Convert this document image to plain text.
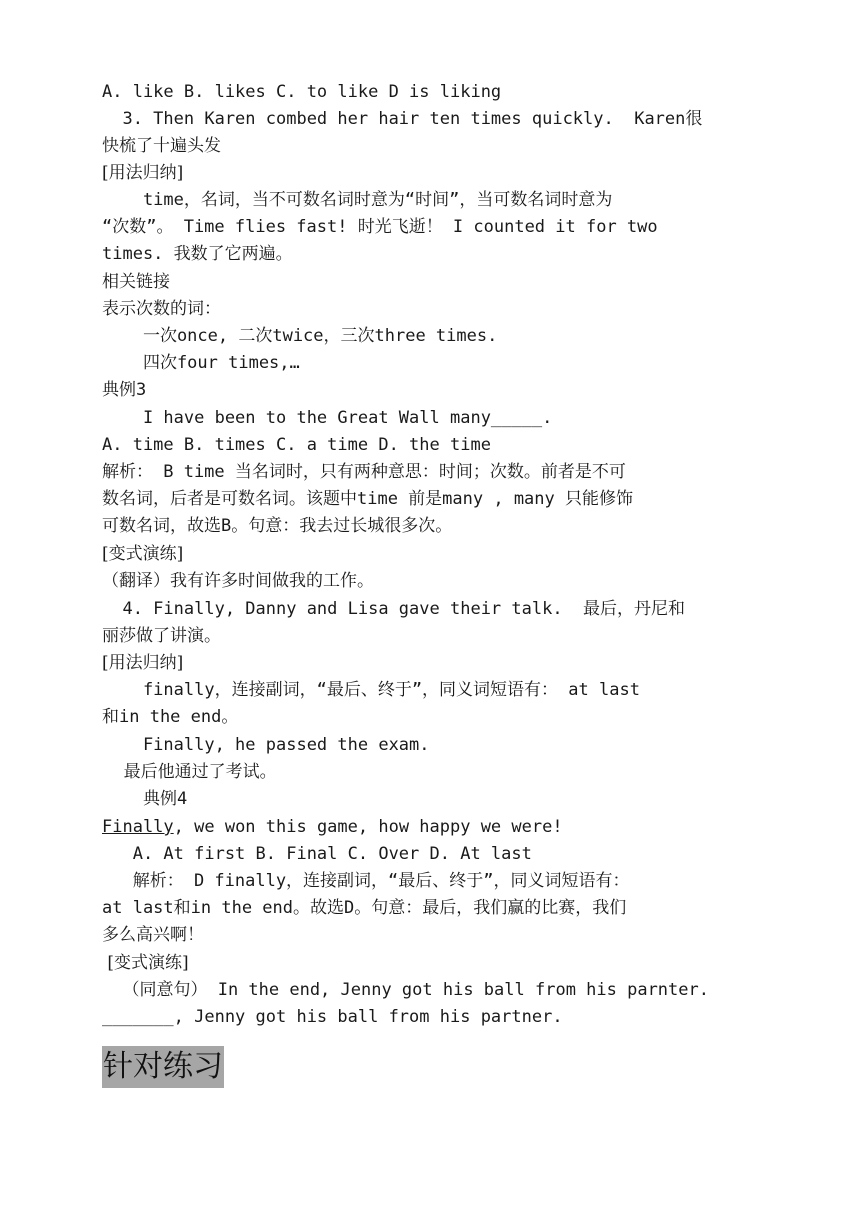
A. like B. likes C. to like D is liking
3. Then Karen combed her hair ten times quickly.  Karen很
快梳了十遍头发
[用法归纳]
time，名词，当不可数名词时意为“时间”，当可数名词时意为
“次数”。 Time flies fast! 时光飞逝！ I counted it for two
times. 我数了它两遍。
相关链接
表示次数的词：
一次once, 二次twice，三次three times.
四次four times,…
典例3
I have been to the Great Wall many_____.
A. time B. times C. a time D. the time
解析： B time 当名词时，只有两种意思：时间；次数。前者是不可
数名词，后者是可数名词。该题中time 前是many , many 只能修饰
可数名词，故选B。句意：我去过长城很多次。
[变式演练]
（翻译）我有许多时间做我的工作。
4. Finally, Danny and Lisa gave their talk.  最后，丹尼和
丽莎做了讲演。
[用法归纳]
finally，连接副词，“最后、终于”，同义词短语有： at last
和in the end。
Finally, he passed the exam.
最后他通过了考试。
典例4
Finally, we won this game, how happy we were!
A. At first B. Final C. Over D. At last
解析： D finally，连接副词，“最后、终于”，同义词短语有：
at last和in the end。故选D。句意：最后，我们赢的比赛，我们
多么高兴啊！
[变式演练]
（同意句） In the end, Jenny got his ball from his parnter.
_______, Jenny got his ball from his partner.
针对练习
